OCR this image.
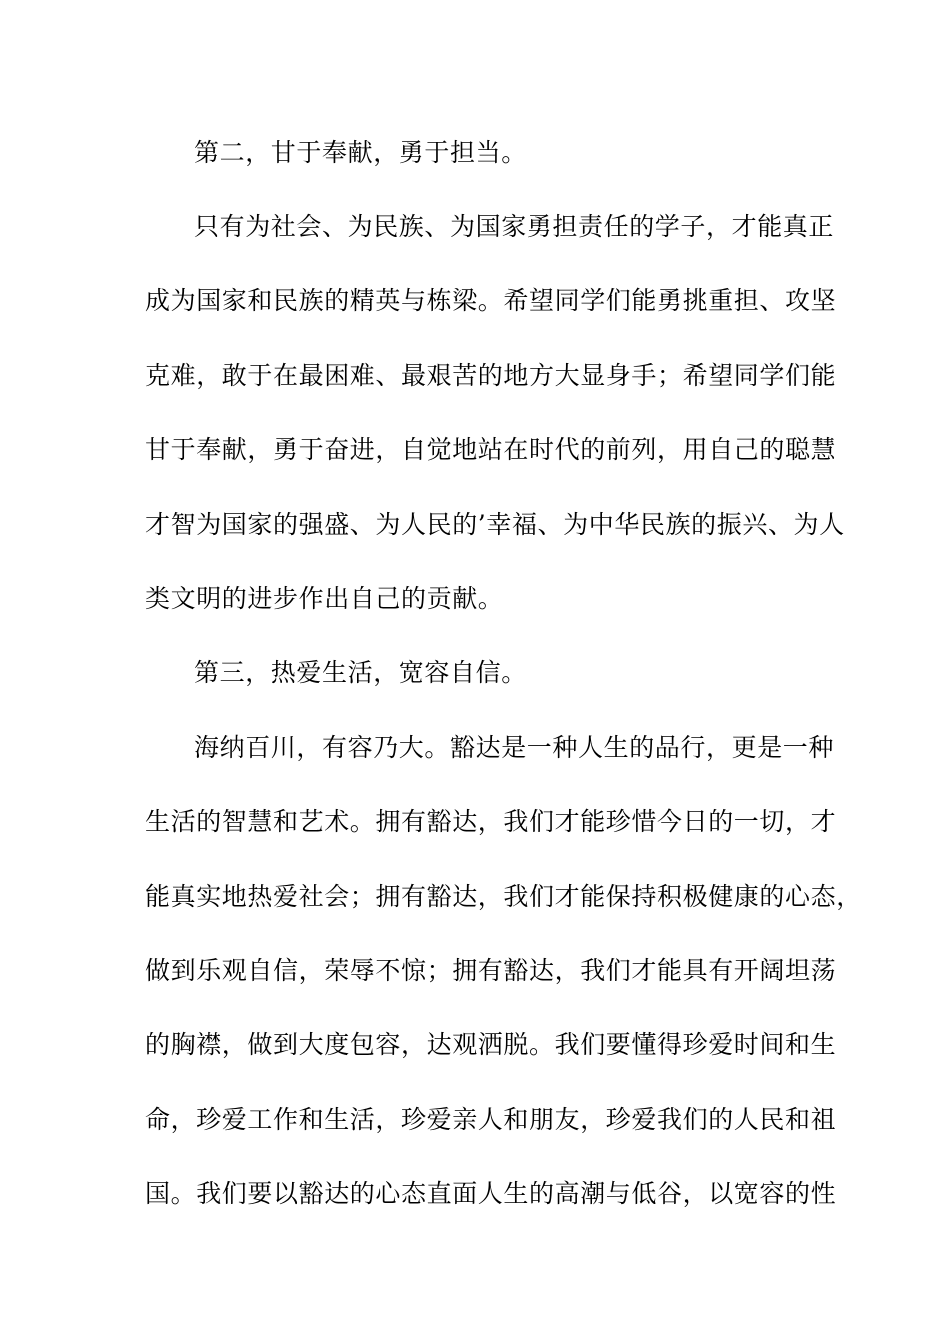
第二，甘于奉献，勇于担当。
只有为社会、为民族、为国家勇担责任的学子，才能真正
成为国家和民族的精英与栋梁。希望同学们能勇挑重担、攻坚
克难，敢于在最困难、最艰苦的地方大显身手；希望同学们能
甘于奉献，勇于奋进，自觉地站在时代的前列，用自己的聪慧
才智为国家的强盛、为人民的’幸福、为中华民族的振兴、为人
类文明的进步作出自己的贡献。
第三，热爱生活，宽容自信。
海纳百川，有容乃大。豁达是一种人生的品行，更是一种
生活的智慧和艺术。拥有豁达，我们才能珍惜今日的一切，才
能真实地热爱社会；拥有豁达，我们才能保持积极健康的心态，
做到乐观自信，荣辱不惊；拥有豁达，我们才能具有开阔坦荡
的胸襟，做到大度包容，达观洒脱。我们要懂得珍爱时间和生
命，珍爱工作和生活，珍爱亲人和朋友，珍爱我们的人民和祖
国。我们要以豁达的心态直面人生的高潮与低谷，以宽容的性
